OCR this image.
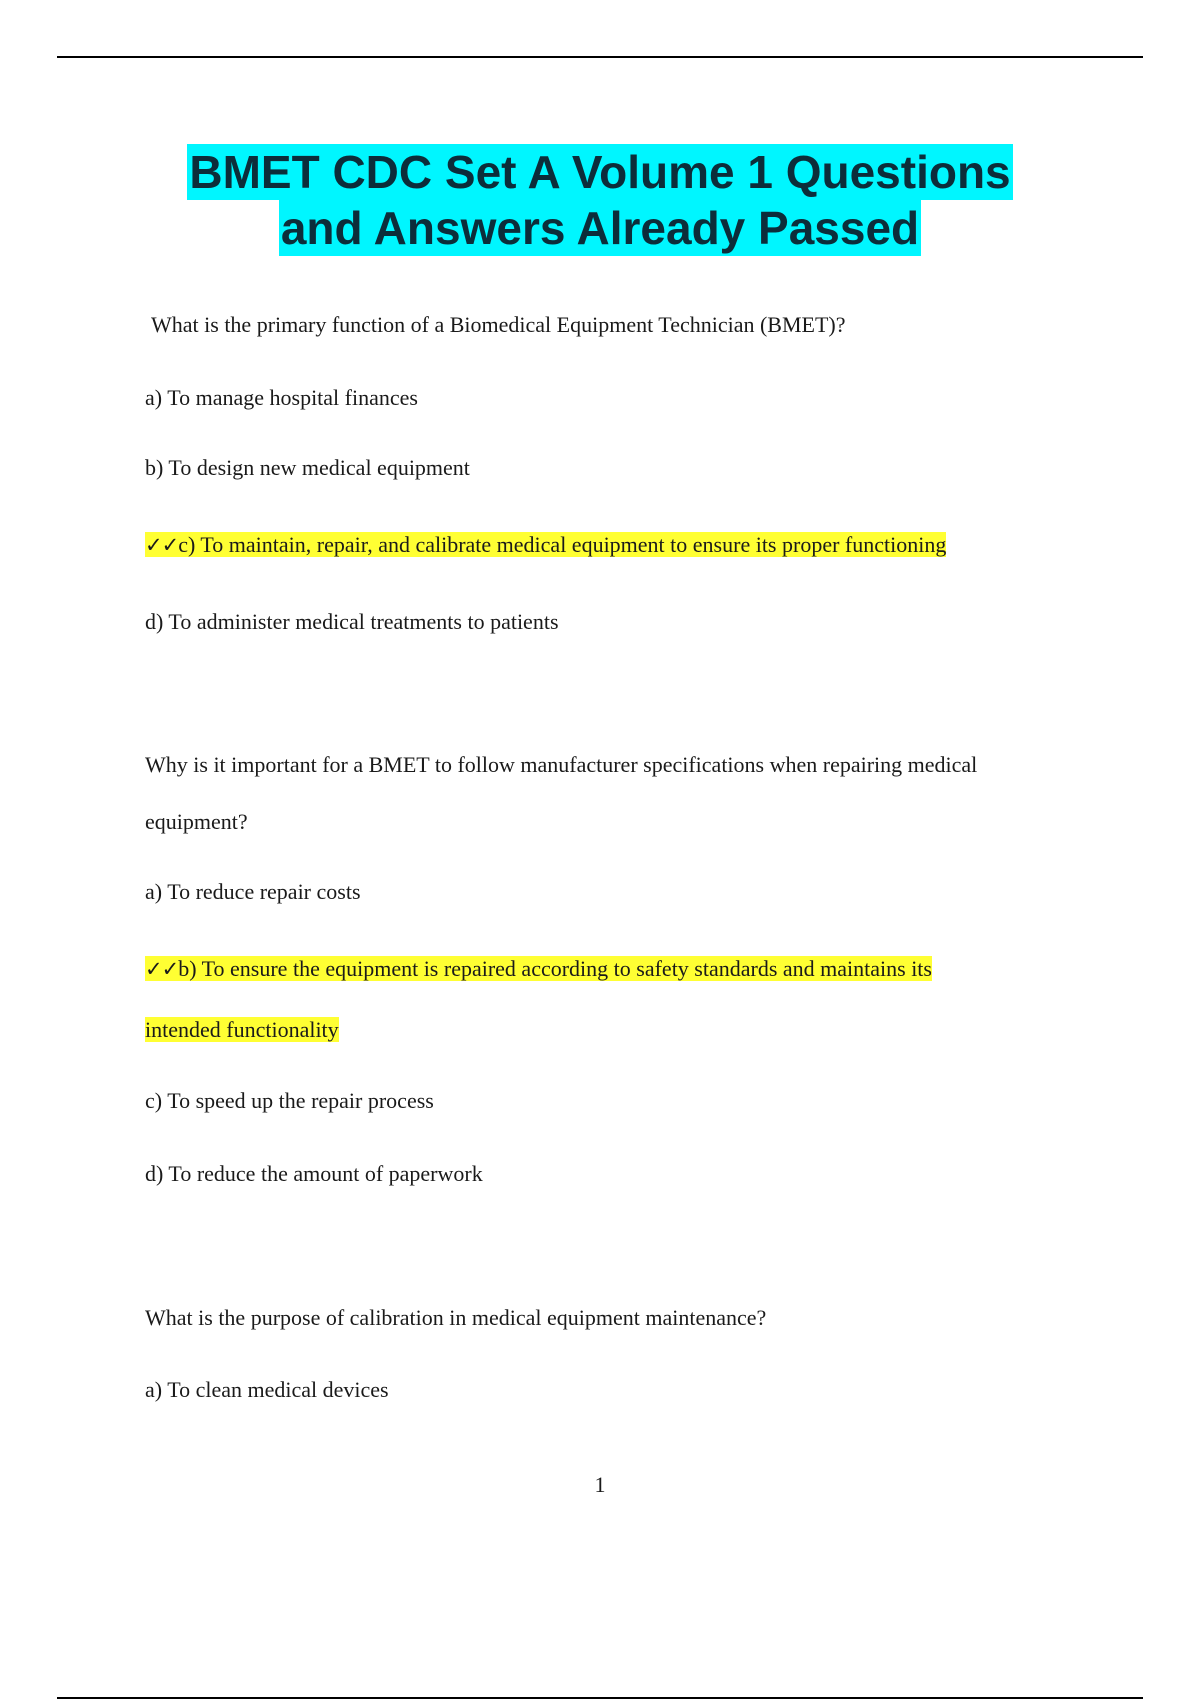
BMET CDC Set A Volume 1 Questions
and Answers Already Passed
What is the primary function of a Biomedical Equipment Technician (BMET)?
a) To manage hospital finances
b) To design new medical equipment
✓✓c) To maintain, repair, and calibrate medical equipment to ensure its proper functioning
d) To administer medical treatments to patients
Why is it important for a BMET to follow manufacturer specifications when repairing medical
equipment?
a) To reduce repair costs
✓✓b) To ensure the equipment is repaired according to safety standards and maintains its
intended functionality
c) To speed up the repair process
d) To reduce the amount of paperwork
What is the purpose of calibration in medical equipment maintenance?
a) To clean medical devices
1
